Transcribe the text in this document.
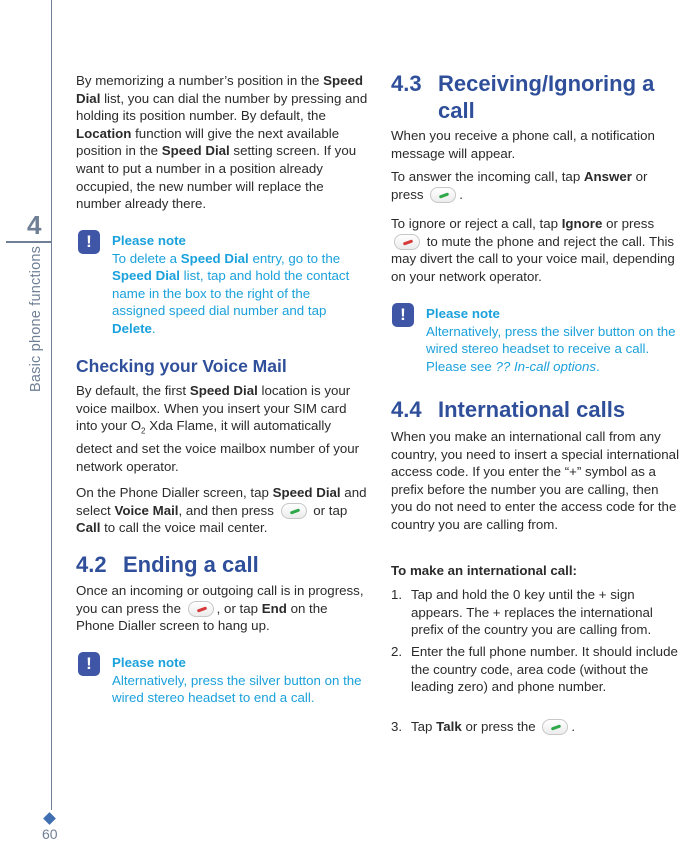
4
Basic phone functions
60

By memorizing a number’s position in the Speed Dial list, you can dial the number by pressing and holding its position number. By default, the Location function will give the next available position in the Speed Dial setting screen. If you want to put a number in a position already occupied, the new number will replace the number already there.

!	Please note
To delete a Speed Dial entry, go to the Speed Dial list, tap and hold the contact name in the box to the right of the assigned speed dial number and tap Delete.
Checking your Voice Mail

By default, the first Speed Dial location is your voice mailbox. When you insert your SIM card into your $O_2$ Xda Flame, it will automatically detect and set the voice mailbox number of your network operator.

On the Phone Dialler screen, tap Speed Dial and select Voice Mail, and then press  or tap Call to call the voice mail center.

4.2 Ending a call

Once an incoming or outgoing call is in progress, you can press the , or tap End on the Phone Dialler screen to hang up.

!	Please note
Alternatively, press the silver button on the wired stereo headset to end a call.
4.3 Receiving/Ignoring a
call

When you receive a phone call, a notification message will appear.

To answer the incoming call, tap Answer or press .

To ignore or reject a call, tap Ignore or press  to mute the phone and reject the call. This may divert the call to your voice mail, depending on your network operator.

!	Please note
Alternatively, press the silver button on the wired stereo headset to receive a call. Please see ?? In-call options.
4.4 International calls

When you make an international call from any country, you need to insert a special international access code. If you enter the “+” symbol as a prefix before the number you are calling, then you do not need to enter the access code for the country you are calling from.

To make an international call:

1. Tap and hold the 0 key until the + sign appears. The + replaces the international prefix of the country you are calling from.
2. Enter the full phone number. It should include the country code, area code (without the leading zero) and phone number.
3. Tap Talk or press the .
